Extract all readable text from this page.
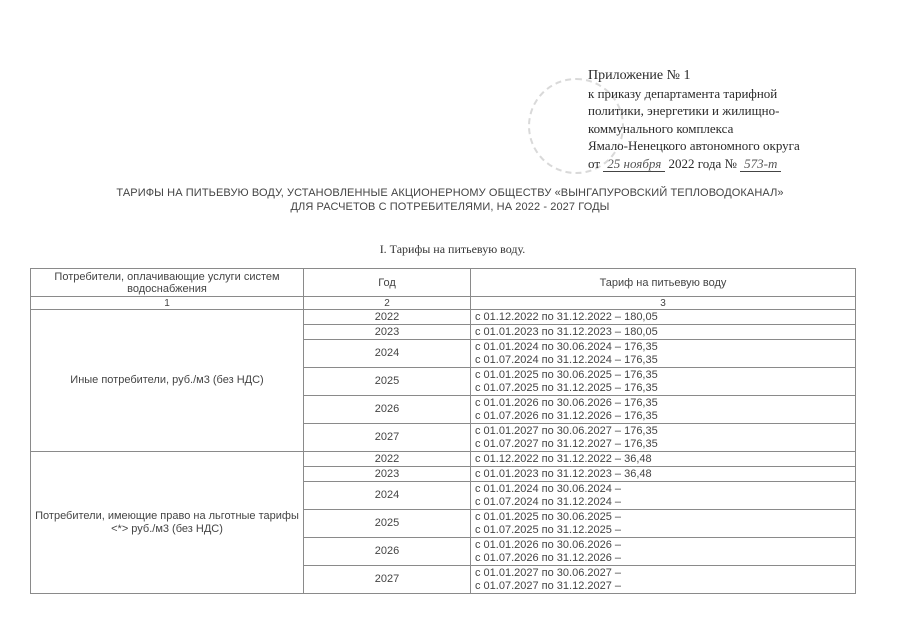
Приложение № 1
к приказу департамента тарифной
политики, энергетики и жилищно-
коммунального комплекса
Ямало-Ненецкого автономного округа
от 25 ноября 2022 года № 573-т
ТАРИФЫ НА ПИТЬЕВУЮ ВОДУ, УСТАНОВЛЕННЫЕ АКЦИОНЕРНОМУ ОБЩЕСТВУ «ВЫНГАПУРОВСКИЙ ТЕПЛОВОДОКАНАЛ»
ДЛЯ РАСЧЕТОВ С ПОТРЕБИТЕЛЯМИ, НА 2022 - 2027 ГОДЫ
I. Тарифы на питьевую воду.
Потребители, оплачивающие услуги систем водоснабжения	Год	Тариф на питьевую воду
1	2	3
Иные потребители, руб./м3 (без НДС)	2022	с 01.12.2022 по 31.12.2022 – 180,05

	2023	с 01.01.2023 по 31.12.2023 – 180,05

	2024	с 01.01.2024 по 30.06.2024 – 176,35
с 01.07.2024 по 31.12.2024 – 176,35

	2025	с 01.01.2025 по 30.06.2025 – 176,35
с 01.07.2025 по 31.12.2025 – 176,35

	2026	с 01.01.2026 по 30.06.2026 – 176,35
с 01.07.2026 по 31.12.2026 – 176,35

	2027	с 01.01.2027 по 30.06.2027 – 176,35
с 01.07.2027 по 31.12.2027 – 176,35

Потребители, имеющие право на льготные тарифы <*> руб./м3 (без НДС)	2022	с 01.12.2022 по 31.12.2022 – 36,48

	2023	с 01.01.2023 по 31.12.2023 – 36,48

	2024	с 01.01.2024 по 30.06.2024 –
с 01.07.2024 по 31.12.2024 –

	2025	с 01.01.2025 по 30.06.2025 –
с 01.07.2025 по 31.12.2025 –

	2026	с 01.01.2026 по 30.06.2026 –
с 01.07.2026 по 31.12.2026 –

	2027	с 01.01.2027 по 30.06.2027 –
с 01.07.2027 по 31.12.2027 –
